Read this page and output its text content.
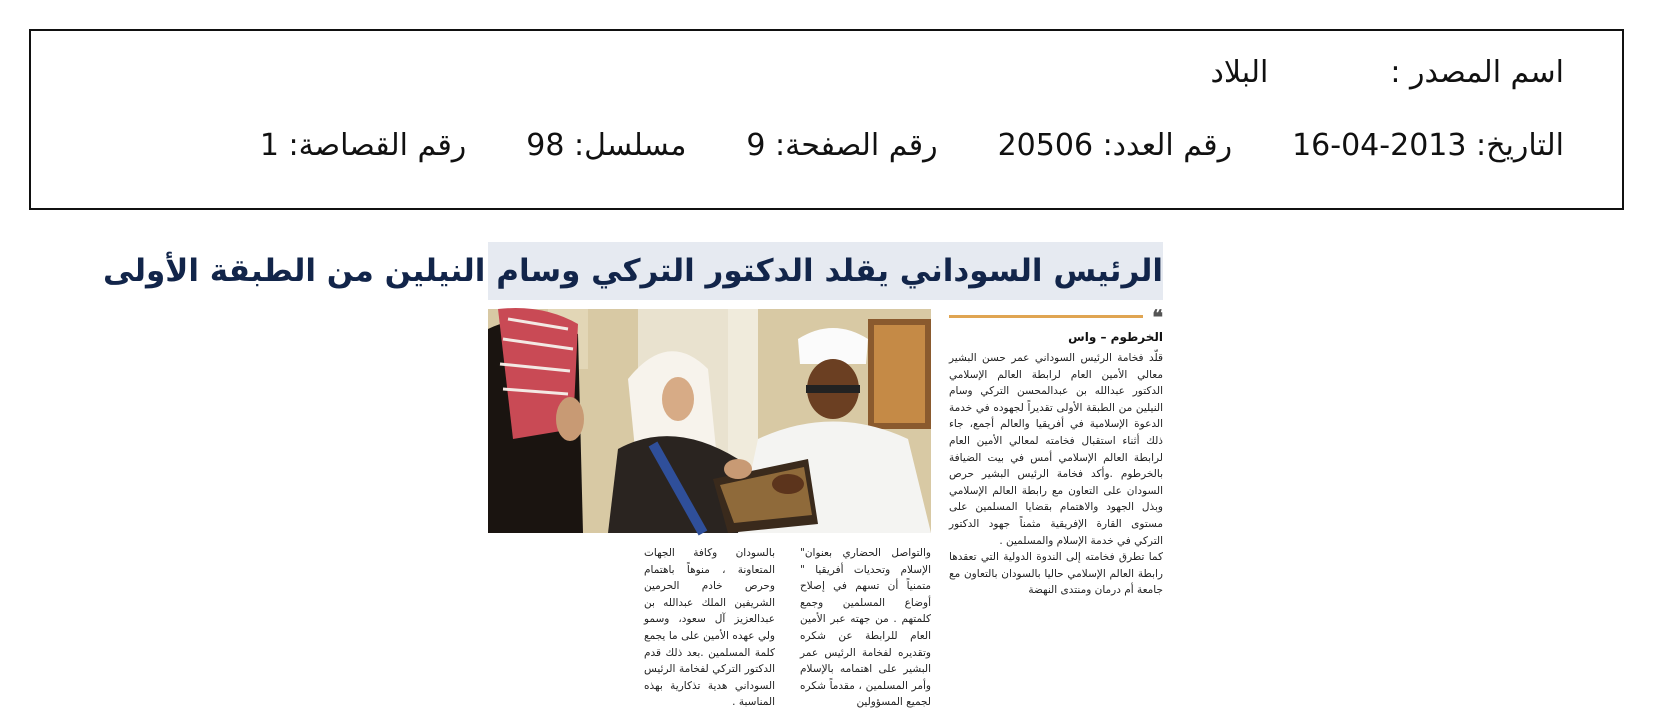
اسم المصدر :البلاد
التاريخ: 2013-04-16رقم العدد: 20506رقم الصفحة: 9مسلسل: 98رقم القصاصة: 1
الرئيس السوداني يقلد الدكتور التركي وسام النيلين من الطبقة الأولى
❝
الخرطوم – واس

قلّد فخامة الرئيس السوداني عمر حسن البشير معالي الأمين العام لرابطة العالم الإسلامي الدكتور عبدالله بن عبدالمحسن التركي وسام النيلين من الطبقة الأولى تقديراً لجهوده في خدمة الدعوة الإسلامية في أفريقيا والعالم أجمع، جاء ذلك أثناء استقبال فخامته لمعالي الأمين العام لرابطة العالم الإسلامي أمس في بيت الضيافة بالخرطوم .وأكد فخامة الرئيس البشير حرص السودان على التعاون مع رابطة العالم الإسلامي وبذل الجهود والاهتمام بقضايا المسلمين على مستوى القارة الإفريقية مثمناً جهود الدكتور التركي في خدمة الإسلام والمسلمين .

كما تطرق فخامته إلى الندوة الدولية التي تعقدها رابطة العالم الإسلامي حاليا بالسودان بالتعاون مع جامعة أم درمان ومنتدى النهضة

والتواصل الحضاري بعنوان" الإسلام وتحديات أفريقيا " متمنياً أن تسهم في إصلاح أوضاع المسلمين وجمع كلمتهم . من جهته عبر الأمين العام للرابطة عن شكره وتقديره لفخامة الرئيس عمر البشير على اهتمامه بالإسلام وأمر المسلمين ، مقدماً شكره لجميع المسؤولين
بالسودان وكافة الجهات المتعاونة ، منوهاً باهتمام وحرص خادم الحرمين الشريفين الملك عبدالله بن عبدالعزيز آل سعود، وسمو ولي عهده الأمين على ما يجمع كلمة المسلمين .بعد ذلك قدم الدكتور التركي لفخامة الرئيس السوداني هدية تذكارية بهذه المناسبة .
